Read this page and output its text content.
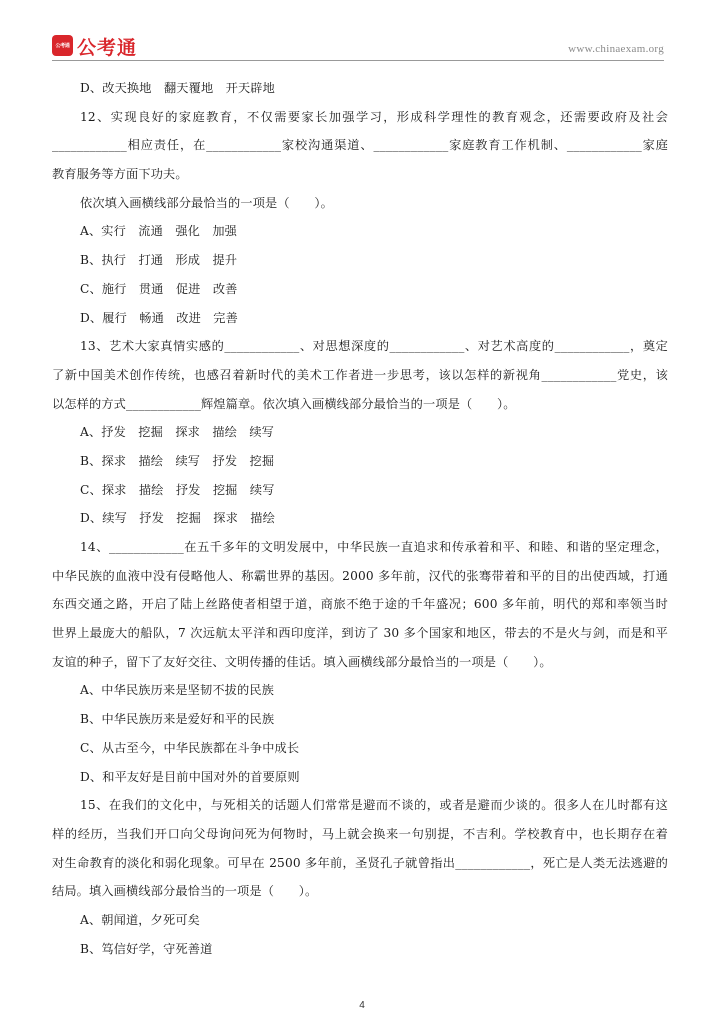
公考通 公考通	www.chinaexam.org
D、改天换地　翻天覆地　开天辟地
12、实现良好的家庭教育，不仅需要家长加强学习，形成科学理性的教育观念，还需要政府及社会
____________相应责任，在____________家校沟通渠道、____________家庭教育工作机制、____________家庭
教育服务等方面下功夫。
依次填入画横线部分最恰当的一项是（　　）。
A、实行　流通　强化　加强
B、执行　打通　形成　提升
C、施行　贯通　促进　改善
D、履行　畅通　改进　完善
13、艺术大家真情实感的____________、对思想深度的____________、对艺术高度的____________，奠定
了新中国美术创作传统，也感召着新时代的美术工作者进一步思考，该以怎样的新视角____________党史，该
以怎样的方式____________辉煌篇章。依次填入画横线部分最恰当的一项是（　　）。
A、抒发　挖掘　探求　描绘　续写
B、探求　描绘　续写　抒发　挖掘
C、探求　描绘　抒发　挖掘　续写
D、续写　抒发　挖掘　探求　描绘
14、____________在五千多年的文明发展中，中华民族一直追求和传承着和平、和睦、和谐的坚定理念，
中华民族的血液中没有侵略他人、称霸世界的基因。2000 多年前，汉代的张骞带着和平的目的出使西域，打通
东西交通之路，开启了陆上丝路使者相望于道，商旅不绝于途的千年盛况；600 多年前，明代的郑和率领当时
世界上最庞大的船队，7 次远航太平洋和西印度洋，到访了 30 多个国家和地区，带去的不是火与剑，而是和平
友谊的种子，留下了友好交往、文明传播的佳话。填入画横线部分最恰当的一项是（　　）。
A、中华民族历来是坚韧不拔的民族
B、中华民族历来是爱好和平的民族
C、从古至今，中华民族都在斗争中成长
D、和平友好是目前中国对外的首要原则
15、在我们的文化中，与死相关的话题人们常常是避而不谈的，或者是避而少谈的。很多人在儿时都有这
样的经历，当我们开口向父母询问死为何物时，马上就会换来一句别提，不吉利。学校教育中，也长期存在着
对生命教育的淡化和弱化现象。可早在 2500 多年前，圣贤孔子就曾指出____________，死亡是人类无法逃避的
结局。填入画横线部分最恰当的一项是（　　）。
A、朝闻道，夕死可矣
B、笃信好学，守死善道
4
